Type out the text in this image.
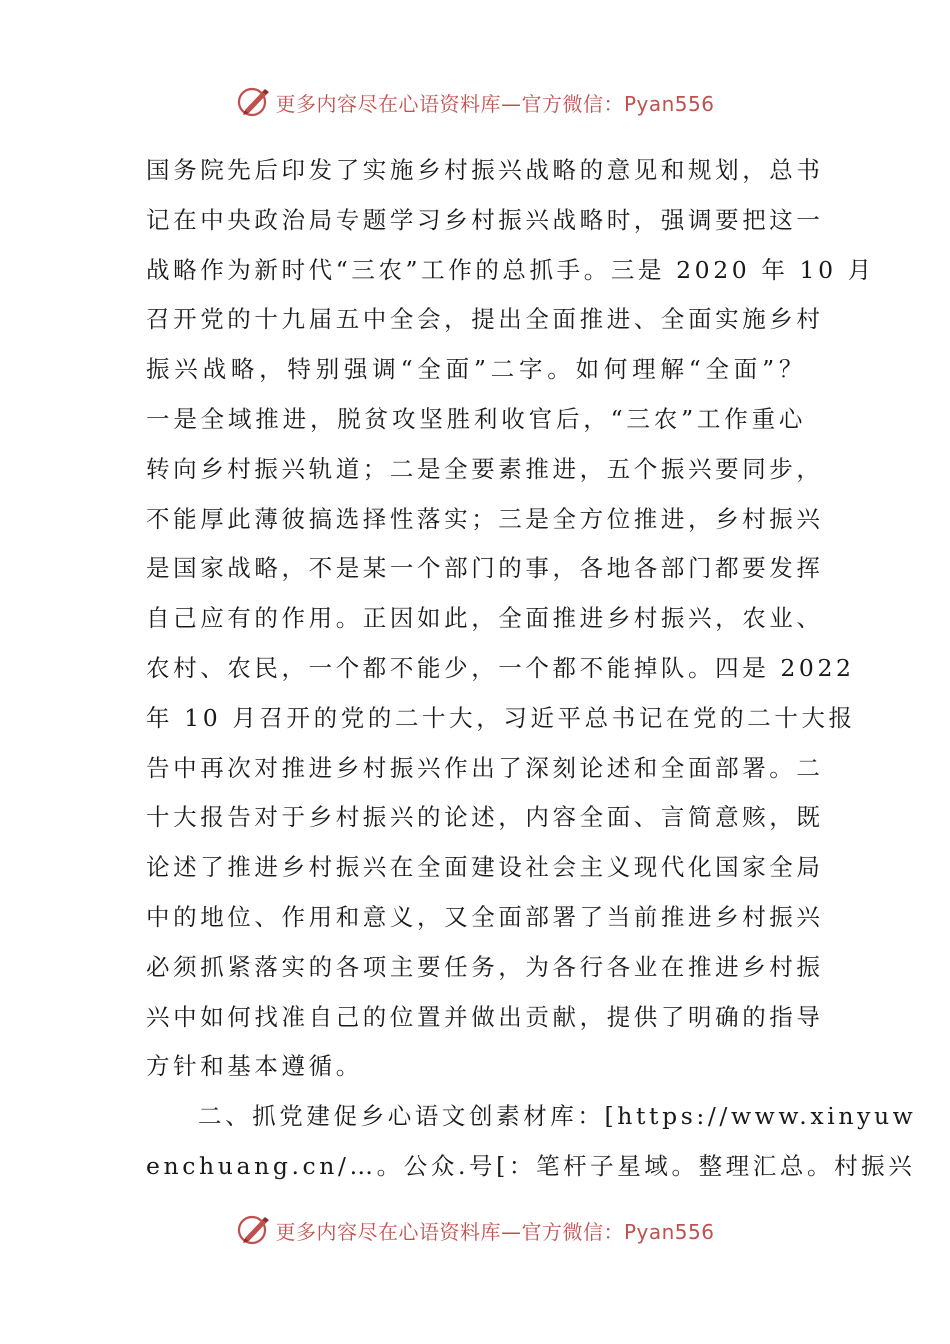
更多内容尽在心语资料库—官方微信：Pyan556
国务院先后印发了实施乡村振兴战略的意见和规划，总书
记在中央政治局专题学习乡村振兴战略时，强调要把这一
战略作为新时代“三农”工作的总抓手。三是 2020 年 10 月
召开党的十九届五中全会，提出全面推进、全面实施乡村
振兴战略，特别强调“全面”二字。如何理解“全面”？
一是全域推进，脱贫攻坚胜利收官后，“三农”工作重心
转向乡村振兴轨道；二是全要素推进，五个振兴要同步，
不能厚此薄彼搞选择性落实；三是全方位推进，乡村振兴
是国家战略，不是某一个部门的事，各地各部门都要发挥
自己应有的作用。正因如此，全面推进乡村振兴，农业、
农村、农民，一个都不能少，一个都不能掉队。四是 2022
年 10 月召开的党的二十大，习近平总书记在党的二十大报
告中再次对推进乡村振兴作出了深刻论述和全面部署。二
十大报告对于乡村振兴的论述，内容全面、言简意赅，既
论述了推进乡村振兴在全面建设社会主义现代化国家全局
中的地位、作用和意义，又全面部署了当前推进乡村振兴
必须抓紧落实的各项主要任务，为各行各业在推进乡村振
兴中如何找准自己的位置并做出贡献，提供了明确的指导
方针和基本遵循。
二、抓党建促乡心语文创素材库：[https://www.xinyuw
enchuang.cn/…。公众.号[：笔杆子星域。整理汇总。村振兴
更多内容尽在心语资料库—官方微信：Pyan556
